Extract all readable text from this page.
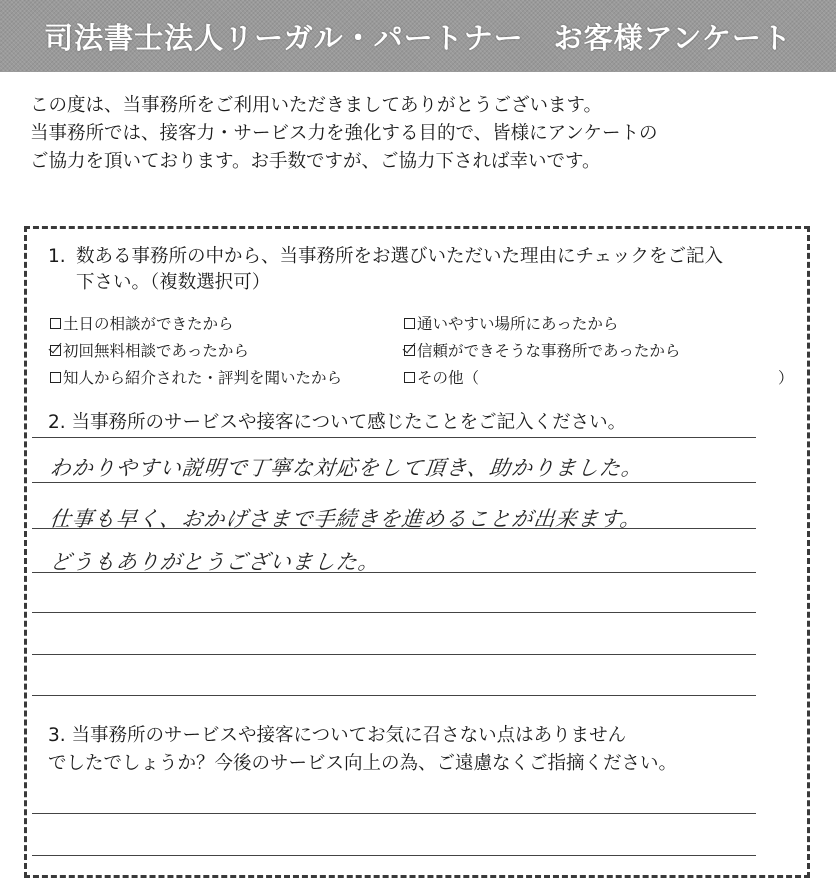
司法書士法人リーガル・パートナー　お客様アンケート
この度は、当事務所をご利用いただきましてありがとうございます。
当事務所では、接客力・サービス力を強化する目的で、皆様にアンケートの
ご協力を頂いております。お手数ですが、ご協力下されば幸いです。
1. 数ある事務所の中から、当事務所をお選びいただいた理由にチェックをご記入
下さい。（複数選択可）
土日の相談ができたから	通いやすい場所にあったから
初回無料相談であったから	信頼ができそうな事務所であったから
知人から紹介された・評判を聞いたから	その他（	）
2. 当事務所のサービスや接客について感じたことをご記入ください。
わかりやすい説明で丁寧な対応をして頂き、助かりました。
仕事も早く、おかげさまで手続きを進めることが出来ます。
どうもありがとうございました。
3. 当事務所のサービスや接客についてお気に召さない点はありません
でしたでしょうか？今後のサービス向上の為、ご遠慮なくご指摘ください。
